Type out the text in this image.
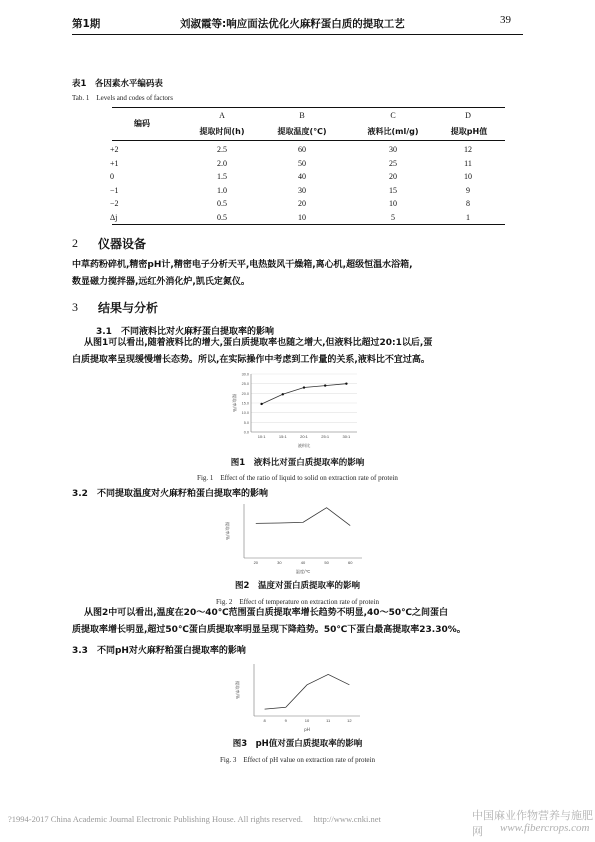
第1期	刘淑霞等:响应面法优化火麻籽蛋白质的提取工艺	39
表1　各因素水平编码表
Tab. 1　Levels and codes of factors
编码
A	B	C	D
提取时间(h)	提取温度(℃)	液料比(ml/g)	提取pH值
+2	2.5	60	30	12
+1	2.0	50	25	11
0	1.5	40	20	10
−1	1.0	30	15	9
−2	0.5	20	10	8
Δj	0.5	10	5	1
2 仪器设备
中草药粉碎机,精密pH计,精密电子分析天平,电热鼓风干燥箱,离心机,超级恒温水浴箱,
数显磁力搅拌器,远红外消化炉,凯氏定氮仪。
3 结果与分析
3.1　不同液料比对火麻籽蛋白提取率的影响
从图1可以看出,随着液料比的增大,蛋白质提取率也随之增大,但液料比超过20:1以后,蛋
白质提取率呈现缓慢增长态势。所以,在实际操作中考虑到工作量的关系,液料比不宜过高。
0.0
5.0
10.0
15.0
20.0
25.0
30.0
10:1	15:1	20:1	25:1	30:1
液料比
提取率/%
图1　液料比对蛋白质提取率的影响
Fig. 1　Effect of the ratio of liquid to solid on extraction rate of protein
3.2　不同提取温度对火麻籽粕蛋白提取率的影响
20	30	40	50	60
温度/℃
提取率/%
图2　温度对蛋白质提取率的影响
Fig. 2　Effect of temperature on extraction rate of protein
从图2中可以看出,温度在20～40℃范围蛋白质提取率增长趋势不明显,40～50℃之间蛋白
质提取率增长明显,超过50℃蛋白质提取率明显呈现下降趋势。50℃下蛋白最高提取率23.30%。
3.3　不同pH对火麻籽粕蛋白提取率的影响
8	9	10	11	12
pH
提取率/%
图3　pH值对蛋白质提取率的影响
Fig. 3　Effect of pH value on extraction rate of protein
?1994-2017 China Academic Journal Electronic Publishing House. All rights reserved.　 http://www.cnki.net	中国麻业作物营养与施肥网	www.fibercrops.com
